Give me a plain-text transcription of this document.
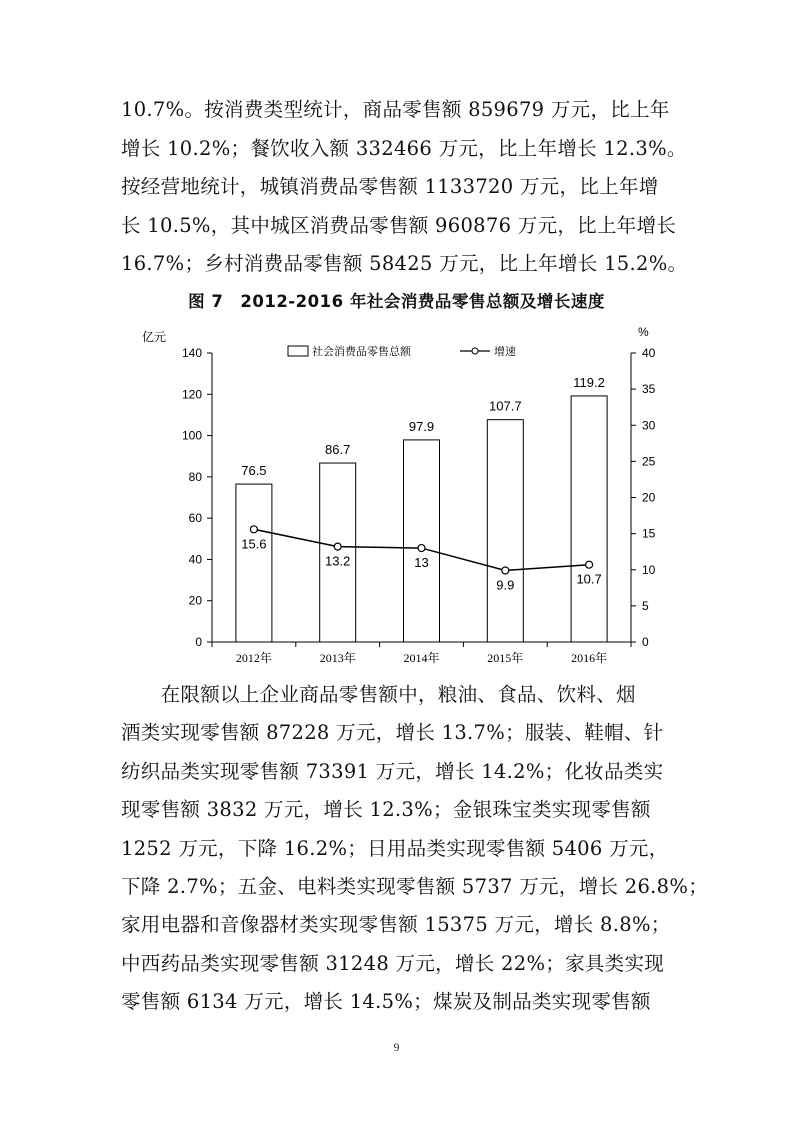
10.7%。按消费类型统计，商品零售额 859679 万元，比上年
增长 10.2%；餐饮收入额 332466 万元，比上年增长 12.3%。
按经营地统计，城镇消费品零售额 1133720 万元，比上年增
长 10.5%，其中城区消费品零售额 960876 万元，比上年增长
16.7%；乡村消费品零售额 58425 万元，比上年增长 15.2%。
图 7　2012-2016 年社会消费品零售总额及增长速度
0
20
40
60
80
100
120
140
0
5
10
15
20
25
30
35
40
亿元	%
2012年	2013年	2014年	2015年	2016年
76.5
86.7
97.9
107.7
119.2
15.6
13.2	13
9.9	10.7
社会消费品零售总额	增速
　　在限额以上企业商品零售额中，粮油、食品、饮料、烟
酒类实现零售额 87228 万元，增长 13.7%；服装、鞋帽、针
纺织品类实现零售额 73391 万元，增长 14.2%；化妆品类实
现零售额 3832 万元，增长 12.3%；金银珠宝类实现零售额
1252 万元，下降 16.2%；日用品类实现零售额 5406 万元，
下降 2.7%；五金、电料类实现零售额 5737 万元，增长 26.8%；
家用电器和音像器材类实现零售额 15375 万元，增长 8.8%；
中西药品类实现零售额 31248 万元，增长 22%；家具类实现
零售额 6134 万元，增长 14.5%；煤炭及制品类实现零售额
9
